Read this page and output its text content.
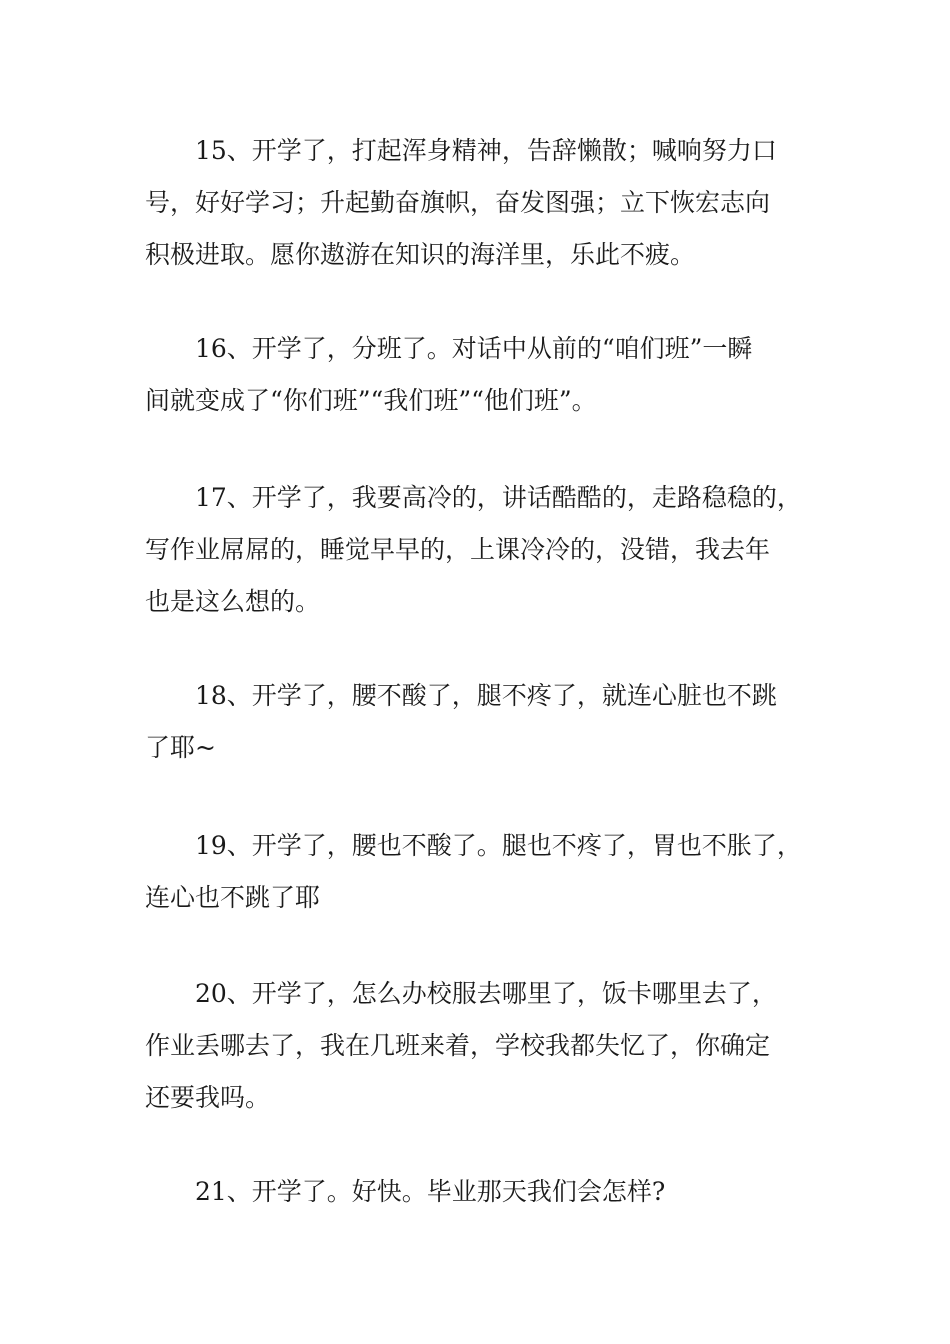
15、开学了，打起浑身精神，告辞懒散；喊响努力口
号，好好学习；升起勤奋旗帜，奋发图强；立下恢宏志向
积极进取。愿你遨游在知识的海洋里，乐此不疲。
16、开学了，分班了。对话中从前的“咱们班”一瞬
间就变成了“你们班”“我们班”“他们班”。
17、开学了，我要高冷的，讲话酷酷的，走路稳稳的，
写作业屌屌的，睡觉早早的，上课冷冷的，没错，我去年
也是这么想的。
18、开学了，腰不酸了，腿不疼了，就连心脏也不跳
了耶~
19、开学了，腰也不酸了。腿也不疼了，胃也不胀了，
连心也不跳了耶
20、开学了，怎么办校服去哪里了，饭卡哪里去了，
作业丢哪去了，我在几班来着，学校我都失忆了，你确定
还要我吗。
21、开学了。好快。毕业那天我们会怎样?
